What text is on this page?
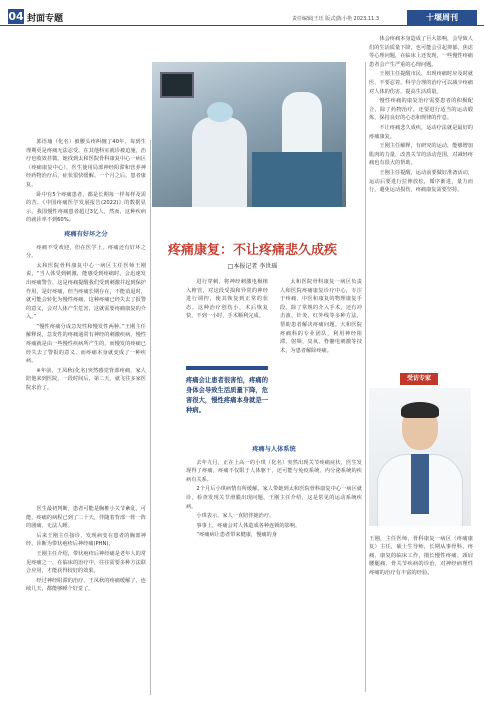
04 封面专题	责任编辑|王珏 版式|陈小艳 2023.11.3	十堰周刊

郭语瑜（化名）被腰头疼纠缠了40年，每到生理期更是疼痛无法忍受。在其他科室就诊被迫施，治疗也收效甚微。她找到太和医院骨科康复中心一病区（疼痛康复中心），医生使用局部神经阻滞和营养神经药物治疗后，症状很快缓解。一个月之后，患者康复。

卧中有5个疼痛患者，都是长期每一样每样及需的苦。《中国疼痛医学发展报告(2022)》的数据显示，我国慢性疼痛患者超过3亿人，然而，这种疾病的就诊率不到60%。

疼痛有好坏之分

疼痛不受欢迎，但在医学上，疼痛还有好坏之分。

太和医院骨科康复中心一病区主任医师王刚说，“当人体受到刺激，能感受到疼痛时，会迅速发出疼痛警告，这是疼痛提醒我们受到刺激并起到保护作用，是好疼痛，但当疼痛长期存在，不能消退时，就可能会转化为慢性疼痛，这种疼痛已经失去了报警的意义，会对人体产生危害，这就需要疼痛康复的介入。”

“慢性疼痛分成急发性和慢发性两种。”王刚主任解释说，急发性的疼痛通常有神经的刺激疾病，慢性疼痛就是由一些慢性疾病所产生的，而慢发的疼痛已经失去了警报的意义，而疼痛本身就变成了一种疾病。

※年前，王凤秋(化名)突然感觉背部疼痛，家人陪他来到医院，一段时间后，第二天，就飞往多家医院求治了。

医生最初判断，患者可能是胸椎小关节紊乱，可能，疼痛的病程已到了二十天，伴随着背部一阵一阵的剧痛，无法人睡。

后来王刚主任接诊，发现病变在患者的胸部神经，诊断为带状疱疹后神经痛(PHN)。

王刚主任介绍，带状疱疹后神经痛是老年人的常见疼痛之一，在临床的治疗中，往往需要多种方法联合应用，才能获得较好的效果。

经过神经阻滞的治疗，王凤秋的疼痛缓解了，连续几天，都能够睡个好觉了。

疼痛康复：不让疼痛悲久成疾
□本报记者 李世瑶

进行穿刺，将神经刺激电极植入椎管，对这段受损和异常的神经进行调控，使其恢复到正常的状态。这种治疗创伤小，术后恢复快，不到一小时，手术顺利完成。

疼痛会让患者很害怕，疼痛的身体会导致生活质量下降，危害很大，慢性疼痛本身就是一种病。

太和医院骨科康复一病区负责人和医院疼痛康复诊疗中心，专注于疼痛、中医和康复的物理康复手段。除了常规的介入手术，还有冲击波、针灸、红外线等多种方法，帮助患者解决疼痛问题。大和医院疼痛科的专业团队，利用神经阻滞、射频、臭氧、脊髓电刺激等技术，为患者解除疼痛。

疼痛与人体系统

去年九月，正在上高一的小琪（化名）突然出现关节疼痛症状，医生发现得了疼痛。疼痛不仅限于人体躯干，还可能与免疫系统、内分泌系统的疾病有关系。

2个月后小琪病情有所缓解。家人带她到太和医院骨科康复中心一病区就诊，检查发现关节滑膜出现问题，王刚主任介绍，这是常见的运动系统疾病。

小琪表示，家人一直陪伴她治疗。

事事上，疼痛会对人体造成各种连锁的影响。

“疼痛病让患者带来健康，慢痛的身

体会疼痛本身造成了巨大影响，会导致人们的生活质量下降，也可能会引起抑郁、焦虑等心理问题，在临床上还发现，一些慢性疼痛患者会产生严重的心理问题。

王刚主任提醒市民，出现疼痛时应及时就医，不要忍着。科学合理的治疗可以减少疼痛对人体的伤害，提高生活质量。

慢性疼痛的康复治疗需要患者的积极配合，除了药物治疗，还要进行适当的运动锻炼，保持良好的心态和规律的作息。

不让疼痛悲久成疾，运动疗法就是最好的疼痛康复。

王刚主任解释，有研究的运动，能够增加肌肉的力量，改善关节的活动范围，对减轻疼痛也有很大的帮助。

王刚主任提醒，运动前要做好准备活动，运动后要进行拉伸放松，循序渐进，量力而行，避免运动损伤，疼痛康复需要坚持。

受访专家
王刚，主任医师，骨科康复一病区（疼痛康复）主任，硕士生导师，长期从事骨科、疼痛、康复的临床工作，擅长慢性疼痛、颈肩腰腿痛、骨关节疾病的诊治，对神经病理性疼痛的治疗有丰富的经验。
